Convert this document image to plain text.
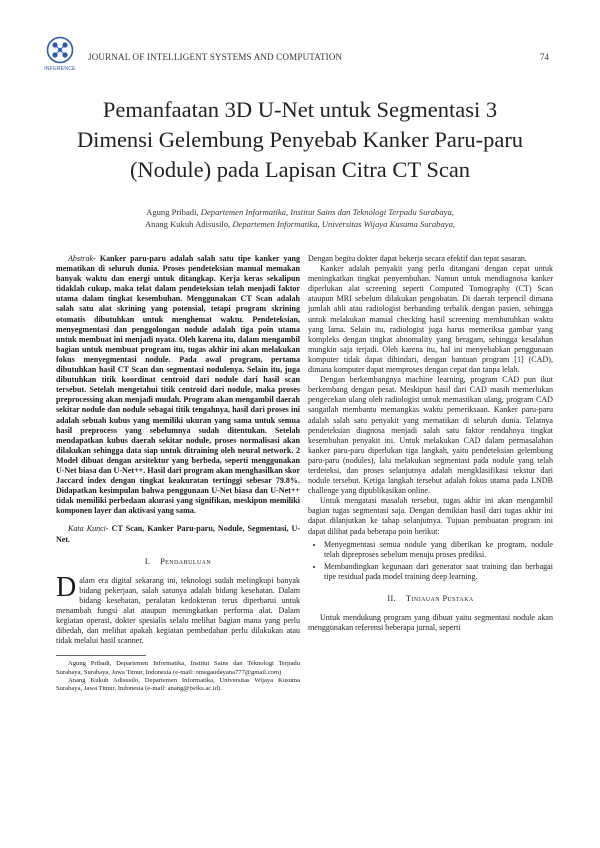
INFERENCE
JOURNAL OF INTELLIGENT SYSTEMS AND COMPUTATION	74
Pemanfaatan 3D U-Net untuk Segmentasi 3
Dimensi Gelembung Penyebab Kanker Paru-paru
(Nodule) pada Lapisan Citra CT Scan
Agung Pribadi, Departemen Informatika, Institut Sains dan Teknologi Terpadu Surabaya,
Anang Kukuh Adisusilo, Departemen Informatika, Universitas Wijaya Kusuma Surabaya,

Abstrak- Kanker paru-paru adalah salah satu tipe kanker yang mematikan di seluruh dunia. Proses pendeteksian manual memakan banyak waktu dan energi untuk ditangkap. Kerja keras sekalipun tidaklah cukup, maka telat dalam pendeteksian telah menjadi faktor utama dalam tingkat kesembuhan. Menggunakan CT Scan adalah salah satu alat skrining yang potensial, tetapi program skrining otomatis dibutuhkan untuk menghemat waktu. Pendeteksian, menyegmentasi dan penggolongan nodule adalah tiga poin utama untuk membuat ini menjadi nyata. Oleh karena itu, dalam mengambil bagian untuk membuat program itu, tugas akhir ini akan melakukan fokus menyegmentasi nodule. Pada awal program, pertama dibutuhkan hasil CT Scan dan segmentasi nodulenya. Selain itu, juga dibutuhkan titik koordinat centroid dari nodule dari hasil scan tersebut. Setelah mengetahui titik centroid dari nodule, maka proses preprocessing akan menjadi mudah. Program akan mengambil daerah sekitar nodule dan nodule sebagai titik tengahnya, hasil dari proses ini adalah sebuah kubus yang memiliki ukuran yang sama untuk semua hasil preprocess yang sebelumnya sudah ditentukan. Setelah mendapatkan kubus daerah sekitar nodule, proses normalisasi akan dilakukan sehingga data siap untuk ditraining oleh neural network. 2 Model dibuat dengan arsitektur yang berbeda, seperti menggunakan U-Net biasa dan U-Net++. Hasil dari program akan menghasilkan skor Jaccard index dengan tingkat keakuratan tertinggi sebesar 79.8%. Didapatkan kesimpulan bahwa penggunaan U-Net biasa dan U-Net++ tidak memiliki perbedaan akurasi yang signifikan, meskipun memiliki komponen layer dan aktivasi yang sama.

Kata Kunci- CT Scan, Kanker Paru-paru, Nodule, Segmentasi, U-Net.

I. Pendahuluan

Dalam era digital sekarang ini, teknologi sudah melingkupi banyak bidang pekerjaan, salah satunya adalah bidang kesehatan. Dalam bidang kesehatan, peralatan kedokteran terus diperbarui untuk menambah fungsi alat ataupun meningkatkan performa alat. Dalam kegiatan operasi, dokter spesialis selalu melihat bagian mana yang perlu dibedah, dan melihat apakah kegiatan pembedahan perlu dilakukan atau tidak melalui hasil scanner.

Agung Pribadi, Departemen Informatika, Institut Sains dan Teknologi Terpadu Surabaya, Surabaya, Jawa Timur, Indonesia (e-mail: omegaudayana777@gmail.com)

Anang Kukuh Adisusilo, Departemen Informatika, Universitas Wijaya Kusuma Surabaya, Jawa Timur, Indonesia (e-mail: anang@twiks.ac.id).

Dengan begitu dokter dapat bekerja secara efektif dan tepat sasaran.

Kanker adalah penyakit yang perlu ditangani dengan cepat untuk meningkatkan tingkat penyembuhan. Namun untuk mendiagnosa kanker diperlukan alat screening seperti Computed Tomography (CT) Scan ataupun MRI sebelum dilakukan pengobatan. Di daerah terpencil dimana jumlah ahli atau radiologist berbanding terbalik dengan pasien, sehingga untuk melakukan manual checking hasil screening membutuhkan waktu yang lama. Selain itu, radiologist juga harus memeriksa gambar yang kompleks dengan tingkat abnomality yang beragam, sehingga kesalahan mungkin saja terjadi. Oleh karena itu, hal ini menyebabkan penggunaan komputer tidak dapat dihindari, dengan bantuan program [1] (CAD), dimana komputer dapat memproses dengan cepat dan tanpa lelah.

Dengan berkembangnya machine learning, program CAD pun ikut berkembang dengan pesat. Meskipun hasil dari CAD masih memerlukan pengecekan ulang oleh radiologist untuk memastikan ulang, program CAD sangatlah membantu memangkas waktu pemeriksaan. Kanker paru-paru adalah salah satu penyakit yang mematikan di seluruh dunia. Telatnya pendeteksian diagnosa menjadi salah satu faktor rendahnya tingkat kesembuhan penyakit ini. Untuk melakukan CAD dalam permasalahan kanker paru-paru diperlukan tiga langkah, yaitu pendeteksian gelembung paru-paru (nodules), lalu melakukan segmentasi pada nodule yang telah terdeteksi, dan proses selanjutnya adalah mengklasifikasi tekstur dari nodule tersebut. Ketiga langkah tersebut adalah fokus utama pada LNDB challenge yang dipublikasikan online.

Untuk mengatasi masalah tersebut, tugas akhir ini akan mengambil bagian tugas segmentasi saja. Dengan demikian hasil dari tugas akhir ini dapat dilanjutkan ke tahap selanjutnya. Tujuan pembuatan program ini dapat dilihat pada beberapa poin berikut:

• Menyegmentasi semua nodule yang diberikan ke program, nodule telah dipreproses sebelum menuju proses prediksi.
• Membandingkan kegunaan dari generator saat training dan berbagai tipe residual pada model training deep learning.
II. Tinjauan Pustaka

Untuk mendukung program yang dibuat yaitu segmentasi nodule akan menggunakan referensi beberapa jurnal, seperti
